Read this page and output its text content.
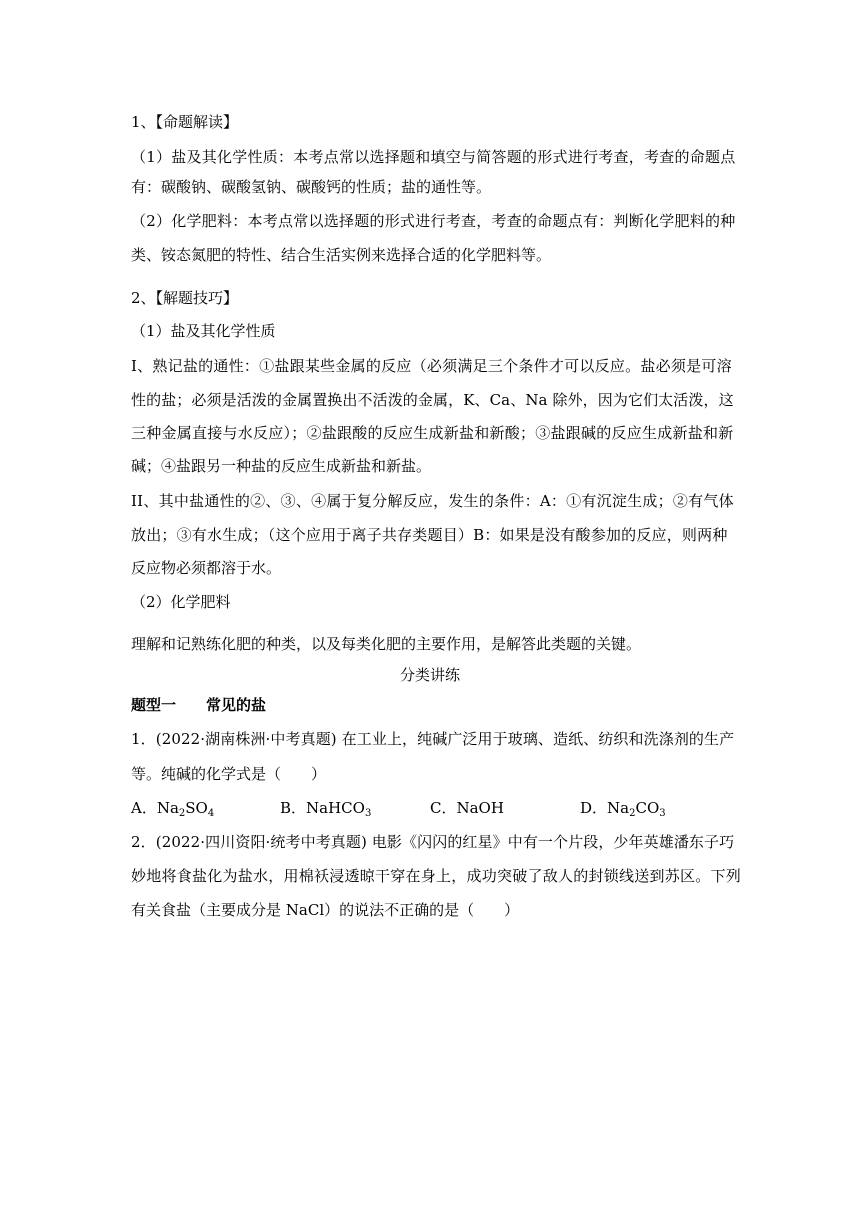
1、【命题解读】
（1）盐及其化学性质：本考点常以选择题和填空与简答题的形式进行考查，考查的命题点
有：碳酸钠、碳酸氢钠、碳酸钙的性质；盐的通性等。
（2）化学肥料：本考点常以选择题的形式进行考查，考查的命题点有：判断化学肥料的种
类、铵态氮肥的特性、结合生活实例来选择合适的化学肥料等。
2、【解题技巧】
（1）盐及其化学性质
I、熟记盐的通性：①盐跟某些金属的反应（必须满足三个条件才可以反应。盐必须是可溶
性的盐；必须是活泼的金属置换出不活泼的金属，K、Ca、Na 除外，因为它们太活泼，这
三种金属直接与水反应）；②盐跟酸的反应生成新盐和新酸；③盐跟碱的反应生成新盐和新
碱；④盐跟另一种盐的反应生成新盐和新盐。
II、其中盐通性的②、③、④属于复分解反应，发生的条件：A：①有沉淀生成；②有气体
放出；③有水生成；（这个应用于离子共存类题目）B：如果是没有酸参加的反应，则两种
反应物必须都溶于水。
（2）化学肥料
理解和记熟练化肥的种类，以及每类化肥的主要作用，是解答此类题的关键。
分类讲练
题型一　　常见的盐
1．(2022·湖南株洲·中考真题) 在工业上，纯碱广泛用于玻璃、造纸、纺织和洗涤剂的生产
等。纯碱的化学式是（　　）
A．$Na_2SO_4$	B．NaHCO$_3$	C．NaOH	D．$Na_2CO_3$
2．(2022·四川资阳·统考中考真题) 电影《闪闪的红星》中有一个片段，少年英雄潘东子巧
妙地将食盐化为盐水，用棉袄浸透晾干穿在身上，成功突破了敌人的封锁线送到苏区。下列
有关食盐（主要成分是 NaCl）的说法不正确的是（　　）
